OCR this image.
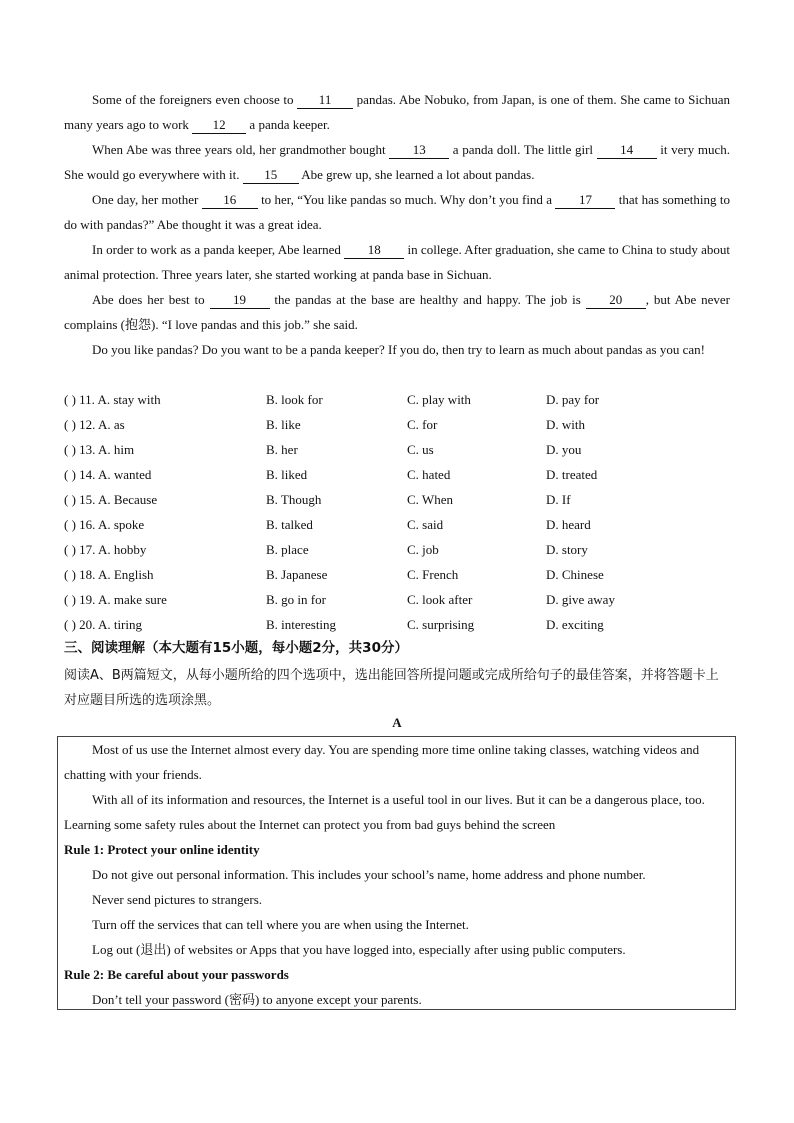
Some of the foreigners even choose to 11 pandas. Abe Nobuko, from Japan, is one of them. She came to Sichuan many years ago to work 12 a panda keeper.

When Abe was three years old, her grandmother bought 13 a panda doll. The little girl 14 it very much. She would go everywhere with it. 15 Abe grew up, she learned a lot about pandas.

One day, her mother 16 to her, “You like pandas so much. Why don’t you find a 17 that has something to do with pandas?” Abe thought it was a great idea.

In order to work as a panda keeper, Abe learned 18 in college. After graduation, she came to China to study about animal protection. Three years later, she started working at panda base in Sichuan.

Abe does her best to 19 the pandas at the base are healthy and happy. The job is 20 , but Abe never complains (抱怨). “I love pandas and this job.” she said.

Do you like pandas? Do you want to be a panda keeper? If you do, then try to learn as much about pandas as you can!

( ) 11. A. stay with	B. look for	C. play with	D. pay for
( ) 12. A. as	B. like	C. for	D. with
( ) 13. A. him	B. her	C. us	D. you
( ) 14. A. wanted	B. liked	C. hated	D. treated
( ) 15. A. Because	B. Though	C. When	D. If
( ) 16. A. spoke	B. talked	C. said	D. heard
( ) 17. A. hobby	B. place	C. job	D. story
( ) 18. A. English	B. Japanese	C. French	D. Chinese
( ) 19. A. make sure	B. go in for	C. look after	D. give away
( ) 20. A. tiring	B. interesting	C. surprising	D. exciting
三、阅读理解（本大题有15小题，每小题2分，共30分）
阅读A、B两篇短文，从每小题所给的四个选项中，选出能回答所提问题或完成所给句子的最佳答案，并将答题卡上对应题目所选的选项涂黑。
A

Most of us use the Internet almost every day. You are spending more time online taking classes, watching videos and chatting with your friends.

With all of its information and resources, the Internet is a useful tool in our lives. But it can be a dangerous place, too. Learning some safety rules about the Internet can protect you from bad guys behind the screen

Rule 1: Protect your online identity

Do not give out personal information. This includes your school’s name, home address and phone number.

Never send pictures to strangers.

Turn off the services that can tell where you are when using the Internet.

Log out (退出) of websites or Apps that you have logged into, especially after using public computers.

Rule 2: Be careful about your passwords

Don’t tell your password (密码) to anyone except your parents.
